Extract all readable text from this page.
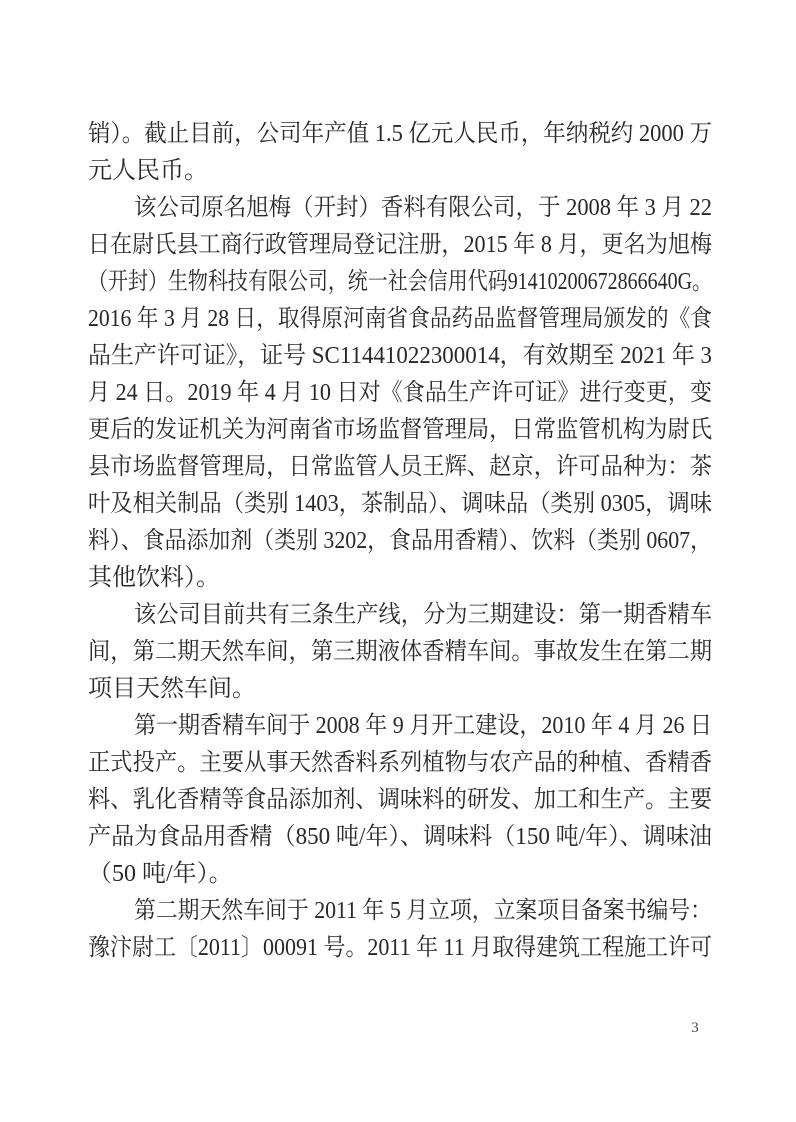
销）。截止目前，公司年产值 1.5 亿元人民币，年纳税约 2000 万
元人民币。
该公司原名旭梅（开封）香料有限公司，于 2008 年 3 月 22
日在尉氏县工商行政管理局登记注册，2015 年 8 月，更名为旭梅
（开封）生物科技有限公司，统一社会信用代码91410200672866640G。
2016 年 3 月 28 日，取得原河南省食品药品监督管理局颁发的《食
品生产许可证》，证号 SC11441022300014，有效期至 2021 年 3
月 24 日。2019 年 4 月 10 日对《食品生产许可证》进行变更，变
更后的发证机关为河南省市场监督管理局，日常监管机构为尉氏
县市场监督管理局，日常监管人员王辉、赵京，许可品种为：茶
叶及相关制品（类别 1403，茶制品）、调味品（类别 0305，调味
料）、食品添加剂（类别 3202，食品用香精）、饮料（类别 0607，
其他饮料）。
该公司目前共有三条生产线，分为三期建设：第一期香精车
间，第二期天然车间，第三期液体香精车间。事故发生在第二期
项目天然车间。
第一期香精车间于 2008 年 9 月开工建设，2010 年 4 月 26 日
正式投产。主要从事天然香料系列植物与农产品的种植、香精香
料、乳化香精等食品添加剂、调味料的研发、加工和生产。主要
产品为食品用香精（850 吨/年）、调味料（150 吨/年）、调味油
（50 吨/年）。
第二期天然车间于 2011 年 5 月立项，立案项目备案书编号：
豫汴尉工〔2011〕00091 号。2011 年 11 月取得建筑工程施工许可
3
